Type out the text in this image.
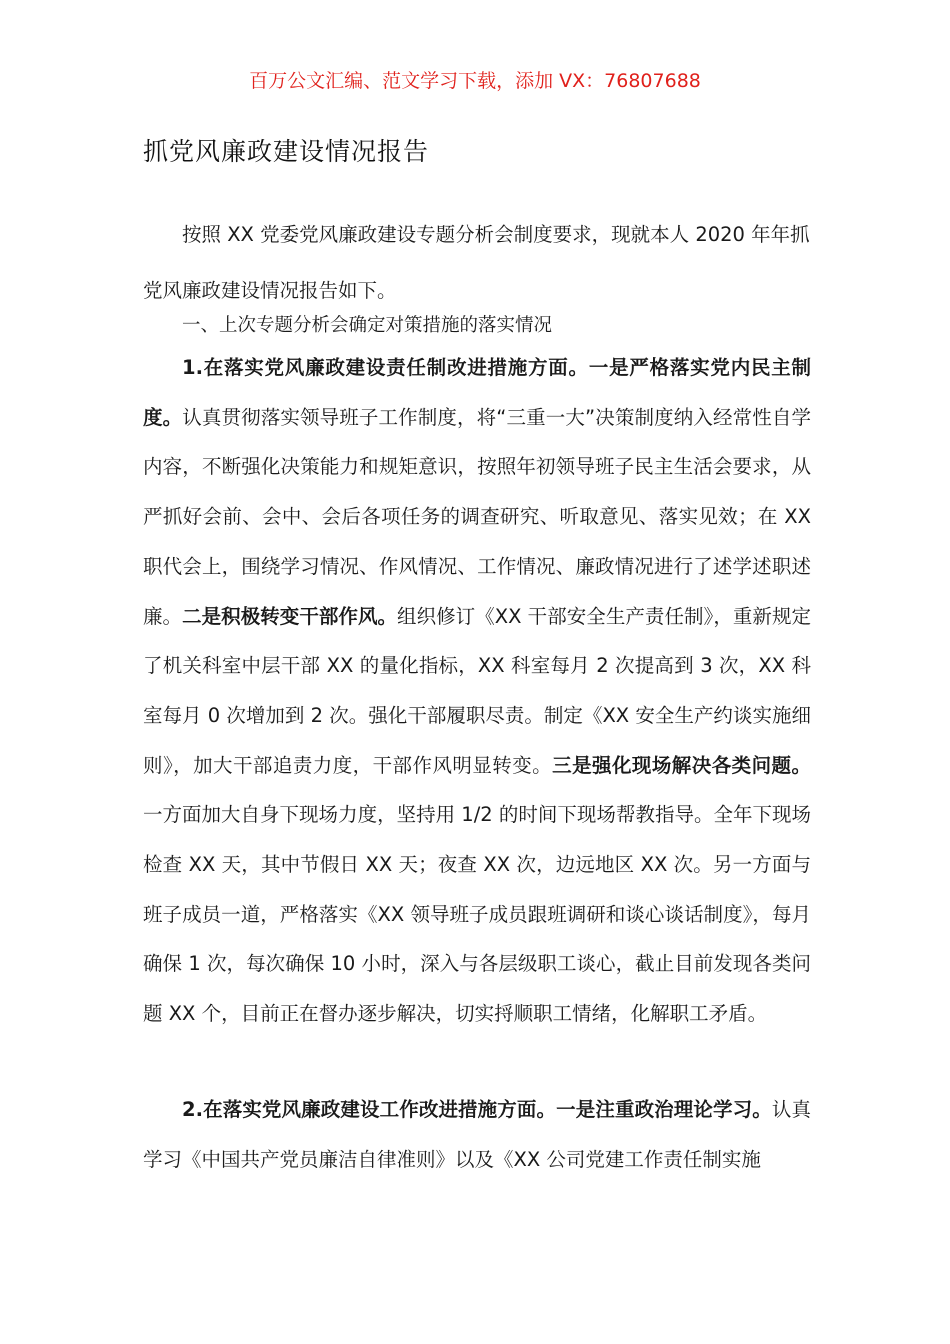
百万公文汇编、范文学习下载，添加 VX：76807688
抓党风廉政建设情况报告
按照 XX 党委党风廉政建设专题分析会制度要求，现就本人 2020 年年抓党风廉政建设情况报告如下。
一、上次专题分析会确定对策措施的落实情况
1.在落实党风廉政建设责任制改进措施方面。一是严格落实党内民主制度。认真贯彻落实领导班子工作制度，将“三重一大”决策制度纳入经常性自学内容，不断强化决策能力和规矩意识，按照年初领导班子民主生活会要求，从严抓好会前、会中、会后各项任务的调查研究、听取意见、落实见效；在 XX 职代会上，围绕学习情况、作风情况、工作情况、廉政情况进行了述学述职述廉。二是积极转变干部作风。组织修订《XX 干部安全生产责任制》，重新规定了机关科室中层干部 XX 的量化指标，XX 科室每月 2 次提高到 3 次，XX 科室每月 0 次增加到 2 次。强化干部履职尽责。制定《XX 安全生产约谈实施细则》，加大干部追责力度，干部作风明显转变。三是强化现场解决各类问题。一方面加大自身下现场力度，坚持用 1/2 的时间下现场帮教指导。全年下现场检查 XX 天，其中节假日 XX 天；夜查 XX 次，边远地区 XX 次。另一方面与班子成员一道，严格落实《XX 领导班子成员跟班调研和谈心谈话制度》，每月确保 1 次，每次确保 10 小时，深入与各层级职工谈心，截止目前发现各类问题 XX 个，目前正在督办逐步解决，切实捋顺职工情绪，化解职工矛盾。
2.在落实党风廉政建设工作改进措施方面。一是注重政治理论学习。认真学习《中国共产党员廉洁自律准则》以及《XX 公司党建工作责任制实施
